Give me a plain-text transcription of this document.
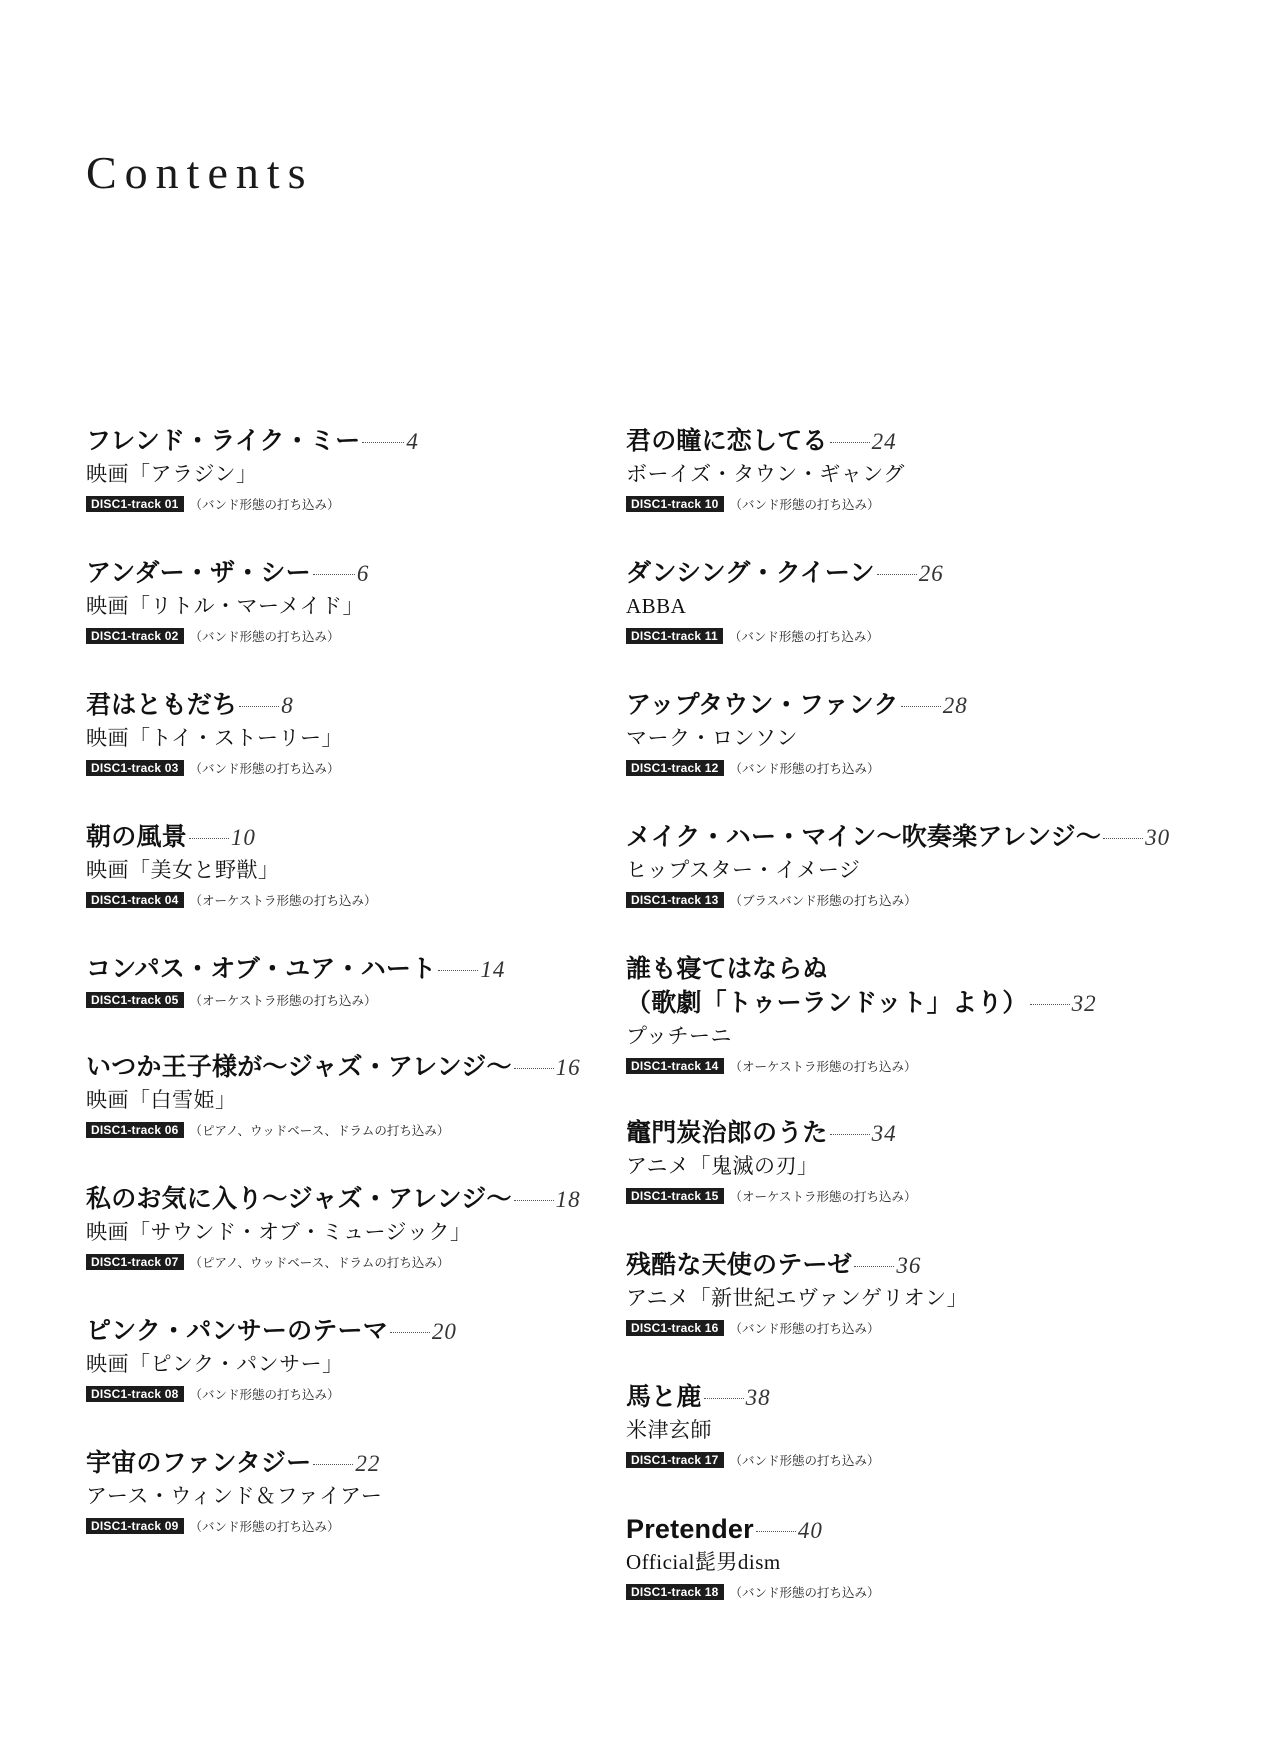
Contents
フレンド・ライク・ミー 4
映画「アラジン」
DISC1-track 01 （バンド形態の打ち込み）
アンダー・ザ・シー 6
映画「リトル・マーメイド」
DISC1-track 02 （バンド形態の打ち込み）
君はともだち 8
映画「トイ・ストーリー」
DISC1-track 03 （バンド形態の打ち込み）
朝の風景 10
映画「美女と野獣」
DISC1-track 04 （オーケストラ形態の打ち込み）
コンパス・オブ・ユア・ハート 14
DISC1-track 05 （オーケストラ形態の打ち込み）
いつか王子様が〜ジャズ・アレンジ〜 16
映画「白雪姫」
DISC1-track 06 （ピアノ、ウッドベース、ドラムの打ち込み）
私のお気に入り〜ジャズ・アレンジ〜 18
映画「サウンド・オブ・ミュージック」
DISC1-track 07 （ピアノ、ウッドベース、ドラムの打ち込み）
ピンク・パンサーのテーマ 20
映画「ピンク・パンサー」
DISC1-track 08 （バンド形態の打ち込み）
宇宙のファンタジー 22
アース・ウィンド＆ファイアー
DISC1-track 09 （バンド形態の打ち込み）
君の瞳に恋してる 24
ボーイズ・タウン・ギャング
DISC1-track 10 （バンド形態の打ち込み）
ダンシング・クイーン 26
ABBA
DISC1-track 11 （バンド形態の打ち込み）
アップタウン・ファンク 28
マーク・ロンソン
DISC1-track 12 （バンド形態の打ち込み）
メイク・ハー・マイン〜吹奏楽アレンジ〜 30
ヒップスター・イメージ
DISC1-track 13 （ブラスバンド形態の打ち込み）
誰も寝てはならぬ
（歌劇「トゥーランドット」より） 32
プッチーニ
DISC1-track 14 （オーケストラ形態の打ち込み）
竈門炭治郎のうた 34
アニメ「鬼滅の刃」
DISC1-track 15 （オーケストラ形態の打ち込み）
残酷な天使のテーゼ 36
アニメ「新世紀エヴァンゲリオン」
DISC1-track 16 （バンド形態の打ち込み）
馬と鹿 38
米津玄師
DISC1-track 17 （バンド形態の打ち込み）
Pretender 40
Official髭男dism
DISC1-track 18 （バンド形態の打ち込み）
